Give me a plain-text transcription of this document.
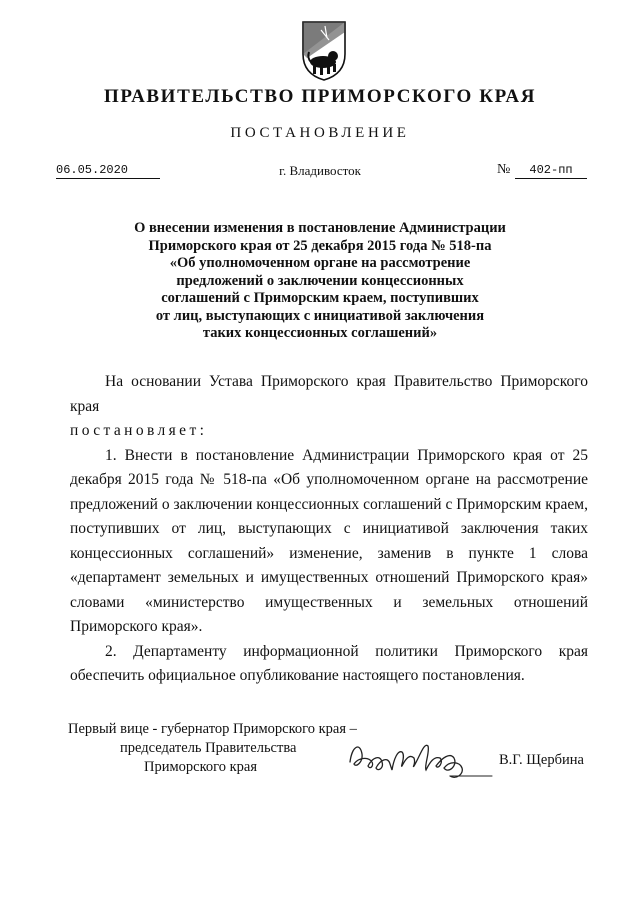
ПРАВИТЕЛЬСТВО ПРИМОРСКОГО КРАЯ
ПОСТАНОВЛЕНИЕ
06.05.2020	г. Владивосток	№	402-пп
О внесении изменения в постановление Администрации
Приморского края от 25 декабря 2015 года № 518-па
«Об уполномоченном органе на рассмотрение
предложений о заключении концессионных
соглашений с Приморским краем, поступивших
от лиц, выступающих с инициативой заключения
таких концессионных соглашений»

На основании Устава Приморского края Правительство Приморского края

постановляет:

1. Внести в постановление Администрации Приморского края от 25 декабря 2015 года № 518-па «Об уполномоченном органе на рассмотрение предложений о заключении концессионных соглашений с Приморским краем, поступивших от лиц, выступающих с инициативой заключения таких концессионных соглашений» изменение, заменив в пункте 1 слова «департамент земельных и имущественных отношений Приморского края» словами «министерство имущественных и земельных отношений Приморского края».

2. Департаменту информационной политики Приморского края обеспечить официальное опубликование настоящего постановления.

Первый вице - губернатор Приморского края –
председатель Правительства
Приморского края	В.Г. Щербина
